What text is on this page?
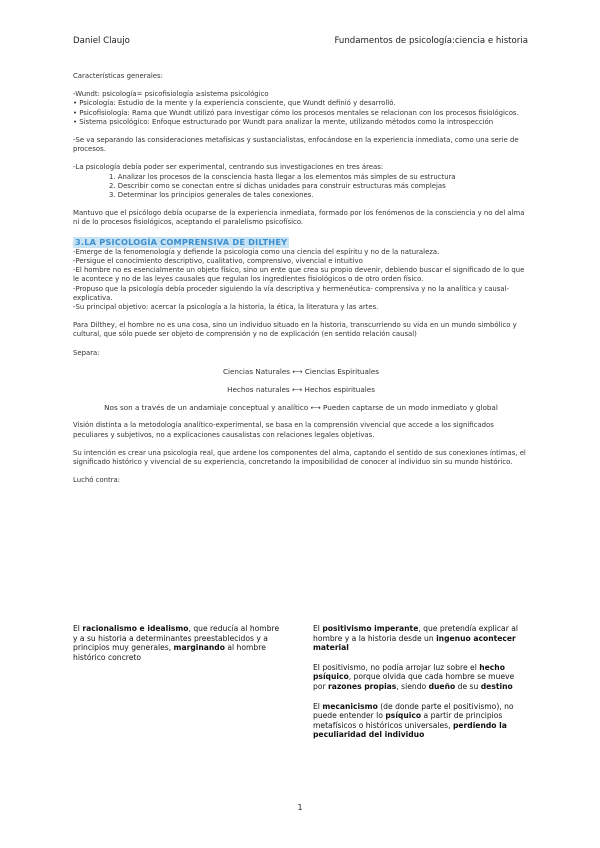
Daniel Claujo	Fundamentos de psicología:ciencia e historia

Características generales:

-Wundt: psicología= psicofisiología ≥sistema psicológico

• Psicología: Estudio de la mente y la experiencia consciente, que Wundt definió y desarrolló.

• Psicofisiología: Rama que Wundt utilizó para investigar cómo los procesos mentales se relacionan con los procesos fisiológicos.

• Sistema psicológico: Enfoque estructurado por Wundt para analizar la mente, utilizando métodos como la introspección

-Se va separando las consideraciones metafísicas y sustancialistas, enfocándose en la experiencia inmediata, como una serie de procesos.

-La psicología debía poder ser experimental, centrando sus investigaciones en tres áreas:

1. Analizar los procesos de la consciencia hasta llegar a los elementos más simples de su estructura

2. Describir como se conectan entre si dichas unidades para construir estructuras más complejas

3. Determinar los principios generales de tales conexiones.

Mantuvo que el psicólogo debía ocuparse de la experiencia inmediata, formado por los fenómenos de la consciencia y no del alma ni de lo procesos fisiológicos, aceptando el paralelismo psicofísico.

3.LA PSICOLOGÍA COMPRENSIVA DE DILTHEY

-Emerge de la fenomenología y defiende la psicología como una ciencia del espíritu y no de la naturaleza.

-Persigue el conocimiento descriptivo, cualitativo, comprensivo, vivencial e intuitivo

-El hombre no es esencialmente un objeto físico, sino un ente que crea su propio devenir, debiendo buscar el significado de lo que le acontece y no de las leyes causales que regulan los ingredientes fisiológicos o de otro orden físico.

-Propuso que la psicología debía proceder siguiendo la vía descriptiva y hermenéutica- comprensiva y no la analítica y causal- explicativa.

-Su principal objetivo: acercar la psicología a la historia, la ética, la literatura y las artes.

Para Dilthey, el hombre no es una cosa, sino un individuo situado en la historia, transcurriendo su vida en un mundo simbólico y cultural, que sólo puede ser objeto de comprensión y no de explicación (en sentido relación causal)

Separa:

Ciencias Naturales ⟷ Ciencias Espirituales

Hechos naturales ⟷ Hechos espirituales

Nos son a través de un andamiaje conceptual y analítico ⟷ Pueden captarse de un modo inmediato y global

Visión distinta a la metodología analítico-experimental, se basa en la comprensión vivencial que accede a los significados peculiares y subjetivos, no a explicaciones causalistas con relaciones legales objetivas.

Su intención es crear una psicología real, que ardene los componentes del alma, captando el sentido de sus conexiones íntimas, el significado histórico y vivencial de su experiencia, concretando la imposibilidad de conocer al individuo sin su mundo histórico.

Luchó contra:

El racionalismo e idealismo, que reducía al hombre y a su historia a determinantes preestablecidos y a principios muy generales, marginando al hombre histórico concreto

El positivismo imperante, que pretendía explicar al hombre y a la historia desde un ingenuo acontecer material

El positivismo, no podía arrojar luz sobre el hecho psíquico, porque olvida que cada hombre se mueve por razones propias, siendo dueño de su destino

El mecanicismo (de donde parte el positivismo), no puede entender lo psíquico a partir de principios metafísicos o históricos universales, perdiendo la peculiaridad del individuo

1
